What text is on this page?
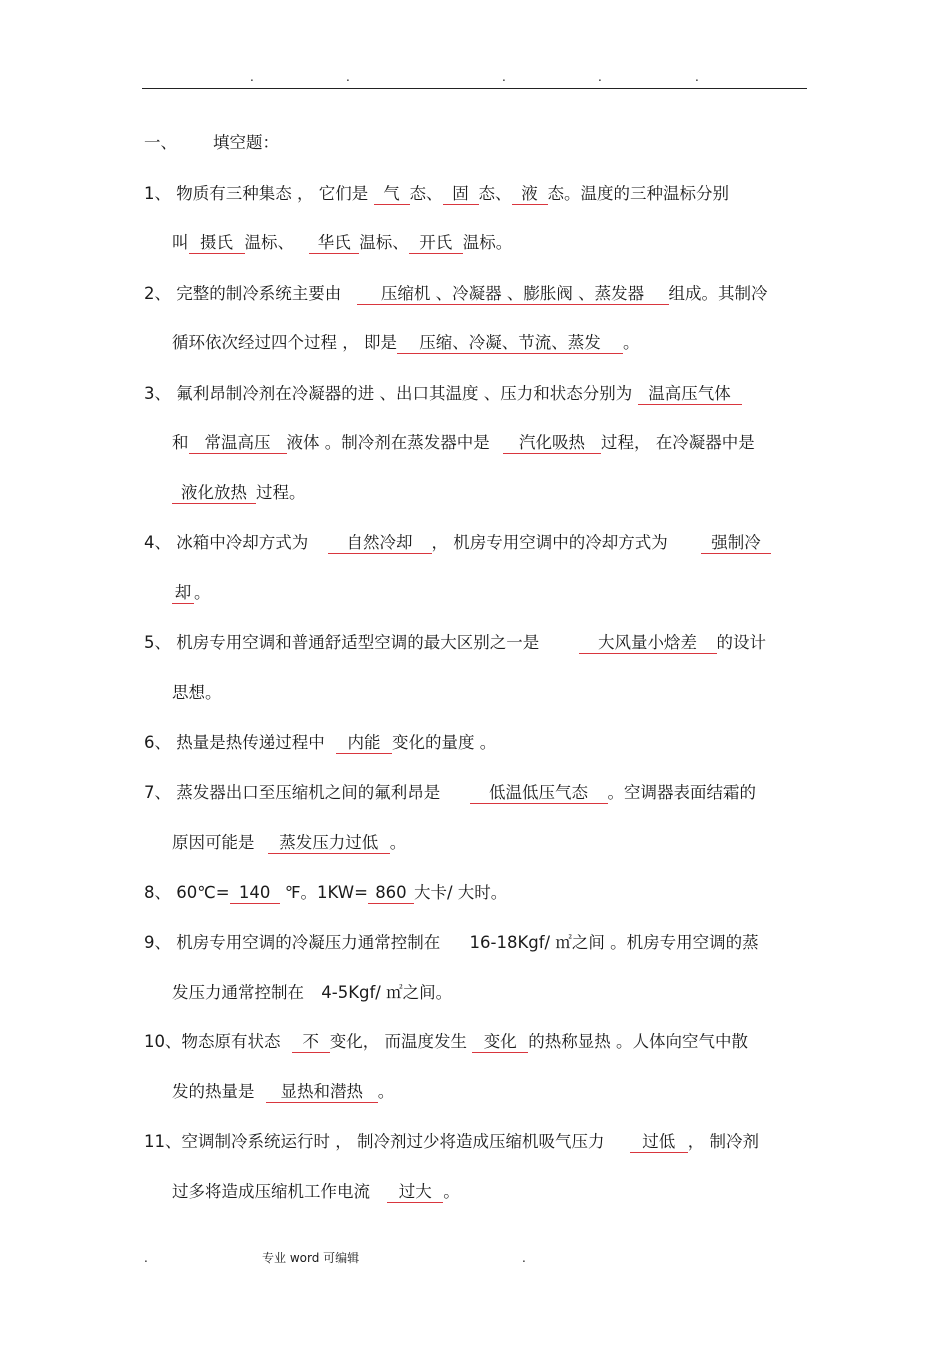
.	.	.	.	.
一、 填空题：
1、 物质有三种集态 ， 它们是 气 态、 固 态、 液 态。温度的三种温标分别
叫 摄氏 温标、 华氏 温标、 开氏 温标。
2、 完整的制冷系统主要由 压缩机 、冷凝器 、膨胀阀 、蒸发器 组成。其制冷
循环依次经过四个过程 ， 即是 压缩、冷凝、节流、蒸发 。
3、 氟利昂制冷剂在冷凝器的进 、出口其温度 、压力和状态分别为 温高压气体
和 常温高压 液体 。制冷剂在蒸发器中是 汽化吸热 过程， 在冷凝器中是
液化放热 过程。
4、 冰箱中冷却方式为 自然冷却 ， 机房专用空调中的冷却方式为	强制冷
却 。
5、 机房专用空调和普通舒适型空调的最大区别之一是	大风量小焓差 的设计
思想。
6、 热量是热传递过程中 内能 变化的量度 。
7、 蒸发器出口至压缩机之间的氟利昂是	低温低压气态 。空调器表面结霜的
原因可能是 蒸发压力过低 。
8、 60℃= 140 ℉。1KW= 860 大卡/ 大时。
9、 机房专用空调的冷凝压力通常控制在 16-18Kgf/ ㎡之间 。机房专用空调的蒸
发压力通常控制在 4-5Kgf/ ㎡之间。
10、物态原有状态 不 变化， 而温度发生 变化 的热称显热 。人体向空气中散
发的热量是 显热和潜热 。
11、空调制冷系统运行时 ， 制冷剂过少将造成压缩机吸气压力 过低 ， 制冷剂
过多将造成压缩机工作电流 过大 。
.	专业 word 可编辑	.
